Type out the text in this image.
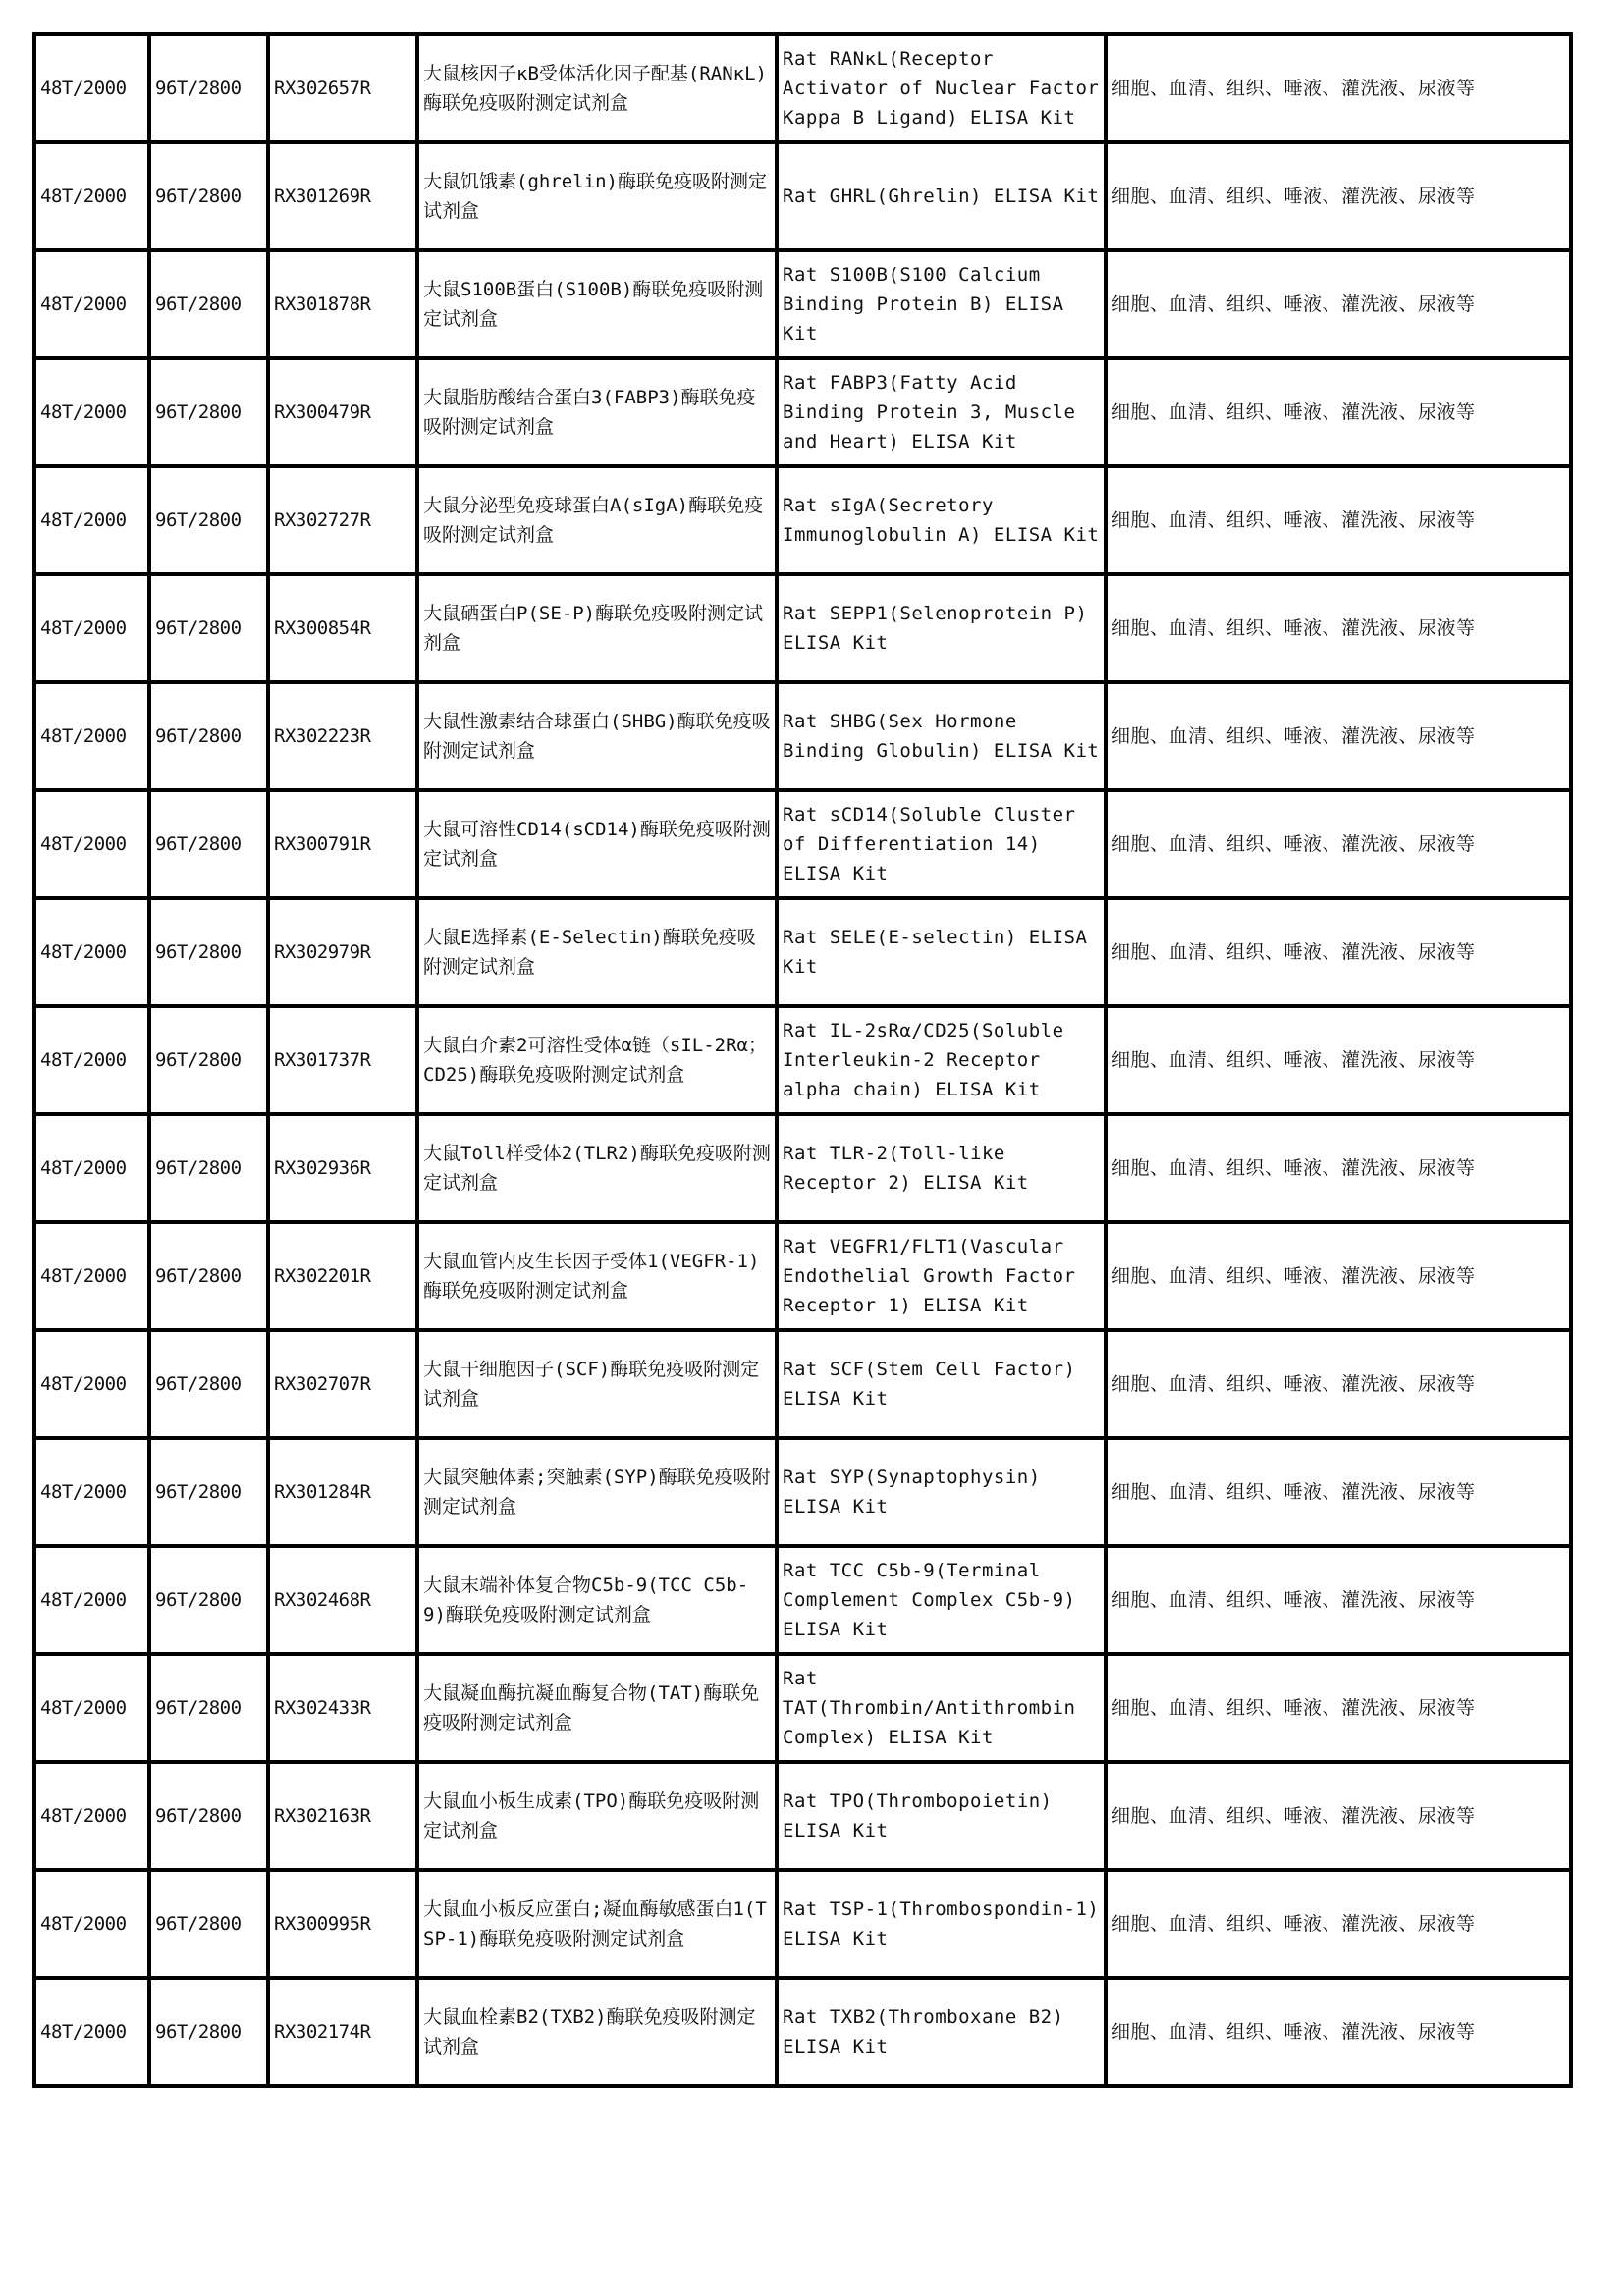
48T/2000	96T/2800	RX302657R	大鼠核因子κB受体活化因子配基(RANκL)酶联免疫吸附测定试剂盒	Rat RANκL(Receptor Activator of Nuclear Factor Kappa B Ligand) ELISA Kit	细胞、血清、组织、唾液、灌洗液、尿液等
48T/2000	96T/2800	RX301269R	大鼠饥饿素(ghrelin)酶联免疫吸附测定试剂盒	Rat GHRL(Ghrelin) ELISA Kit	细胞、血清、组织、唾液、灌洗液、尿液等
48T/2000	96T/2800	RX301878R	大鼠S100B蛋白(S100B)酶联免疫吸附测定试剂盒	Rat S100B(S100 Calcium Binding Protein B) ELISA Kit	细胞、血清、组织、唾液、灌洗液、尿液等
48T/2000	96T/2800	RX300479R	大鼠脂肪酸结合蛋白3(FABP3)酶联免疫吸附测定试剂盒	Rat FABP3(Fatty Acid Binding Protein 3, Muscle and Heart) ELISA Kit	细胞、血清、组织、唾液、灌洗液、尿液等
48T/2000	96T/2800	RX302727R	大鼠分泌型免疫球蛋白A(sIgA)酶联免疫吸附测定试剂盒	Rat sIgA(Secretory Immunoglobulin A) ELISA Kit	细胞、血清、组织、唾液、灌洗液、尿液等
48T/2000	96T/2800	RX300854R	大鼠硒蛋白P(SE-P)酶联免疫吸附测定试剂盒	Rat SEPP1(Selenoprotein P) ELISA Kit	细胞、血清、组织、唾液、灌洗液、尿液等
48T/2000	96T/2800	RX302223R	大鼠性激素结合球蛋白(SHBG)酶联免疫吸附测定试剂盒	Rat SHBG(Sex Hormone Binding Globulin) ELISA Kit	细胞、血清、组织、唾液、灌洗液、尿液等
48T/2000	96T/2800	RX300791R	大鼠可溶性CD14(sCD14)酶联免疫吸附测定试剂盒	Rat sCD14(Soluble Cluster of Differentiation 14) ELISA Kit	细胞、血清、组织、唾液、灌洗液、尿液等
48T/2000	96T/2800	RX302979R	大鼠E选择素(E-Selectin)酶联免疫吸附测定试剂盒	Rat SELE(E-selectin) ELISA Kit	细胞、血清、组织、唾液、灌洗液、尿液等
48T/2000	96T/2800	RX301737R	大鼠白介素2可溶性受体α链（sIL-2Rα；CD25)酶联免疫吸附测定试剂盒	Rat IL-2sRα/CD25(Soluble Interleukin-2 Receptor alpha chain) ELISA Kit	细胞、血清、组织、唾液、灌洗液、尿液等
48T/2000	96T/2800	RX302936R	大鼠Toll样受体2(TLR2)酶联免疫吸附测定试剂盒	Rat TLR-2(Toll-like Receptor 2) ELISA Kit	细胞、血清、组织、唾液、灌洗液、尿液等
48T/2000	96T/2800	RX302201R	大鼠血管内皮生长因子受体1(VEGFR-1)酶联免疫吸附测定试剂盒	Rat VEGFR1/FLT1(Vascular Endothelial Growth Factor Receptor 1) ELISA Kit	细胞、血清、组织、唾液、灌洗液、尿液等
48T/2000	96T/2800	RX302707R	大鼠干细胞因子(SCF)酶联免疫吸附测定试剂盒	Rat SCF(Stem Cell Factor) ELISA Kit	细胞、血清、组织、唾液、灌洗液、尿液等
48T/2000	96T/2800	RX301284R	大鼠突触体素;突触素(SYP)酶联免疫吸附测定试剂盒	Rat SYP(Synaptophysin) ELISA Kit	细胞、血清、组织、唾液、灌洗液、尿液等
48T/2000	96T/2800	RX302468R	大鼠末端补体复合物C5b-9(TCC C5b-9)酶联免疫吸附测定试剂盒	Rat TCC C5b-9(Terminal Complement Complex C5b-9) ELISA Kit	细胞、血清、组织、唾液、灌洗液、尿液等
48T/2000	96T/2800	RX302433R	大鼠凝血酶抗凝血酶复合物(TAT)酶联免疫吸附测定试剂盒	Rat TAT(Thrombin/Antithrombin Complex) ELISA Kit	细胞、血清、组织、唾液、灌洗液、尿液等
48T/2000	96T/2800	RX302163R	大鼠血小板生成素(TPO)酶联免疫吸附测定试剂盒	Rat TPO(Thrombopoietin) ELISA Kit	细胞、血清、组织、唾液、灌洗液、尿液等
48T/2000	96T/2800	RX300995R	大鼠血小板反应蛋白;凝血酶敏感蛋白1(TSP-1)酶联免疫吸附测定试剂盒	Rat TSP-1(Thrombospondin-1) ELISA Kit	细胞、血清、组织、唾液、灌洗液、尿液等
48T/2000	96T/2800	RX302174R	大鼠血栓素B2(TXB2)酶联免疫吸附测定试剂盒	Rat TXB2(Thromboxane B2) ELISA Kit	细胞、血清、组织、唾液、灌洗液、尿液等
